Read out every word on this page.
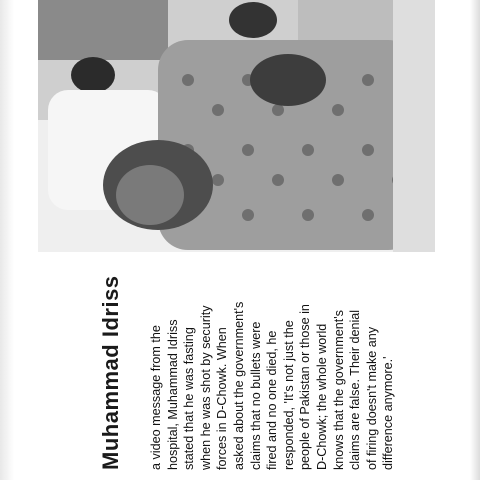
Muhammad Idriss a video message from the hospital, Muhammad Idriss stated that he was fasting when he was shot by security forces in D-Chowk. When asked about the government's claims that no bullets were fired and no one died, he responded, 'It's not just the people of Pakistan or those in D-Chowk; the whole world knows that the government's claims are false. Their denial of firing doesn't make any difference anymore.'
